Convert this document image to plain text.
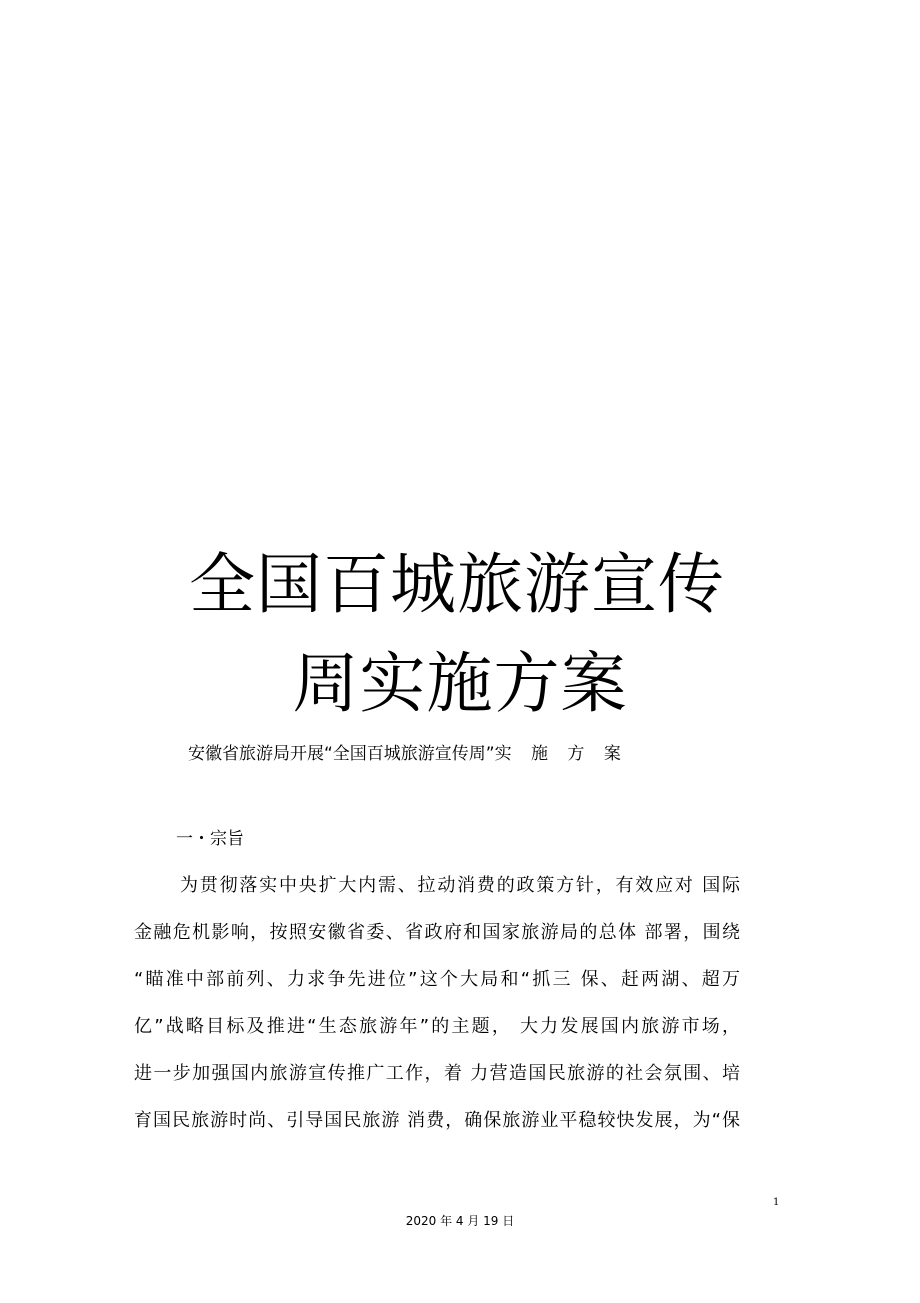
全国百城旅游宣传
周实施方案
安徽省旅游局开展“全国百城旅游宣传周”实 施 方 案
一・宗旨
为贯彻落实中央扩大内需、拉动消费的政策方针，有效应对 国际
金融危机影响，按照安徽省委、省政府和国家旅游局的总体 部署，围绕
“瞄准中部前列、力求争先进位”这个大局和“抓三 保、赶两湖、超万
亿”战略目标及推进“生态旅游年”的主题， 大力发展国内旅游市场，
进一步加强国内旅游宣传推广工作，着 力营造国民旅游的社会氛围、培
育国民旅游时尚、引导国民旅游 消费，确保旅游业平稳较快发展，为“保
1
2020 年 4 月 19 日
